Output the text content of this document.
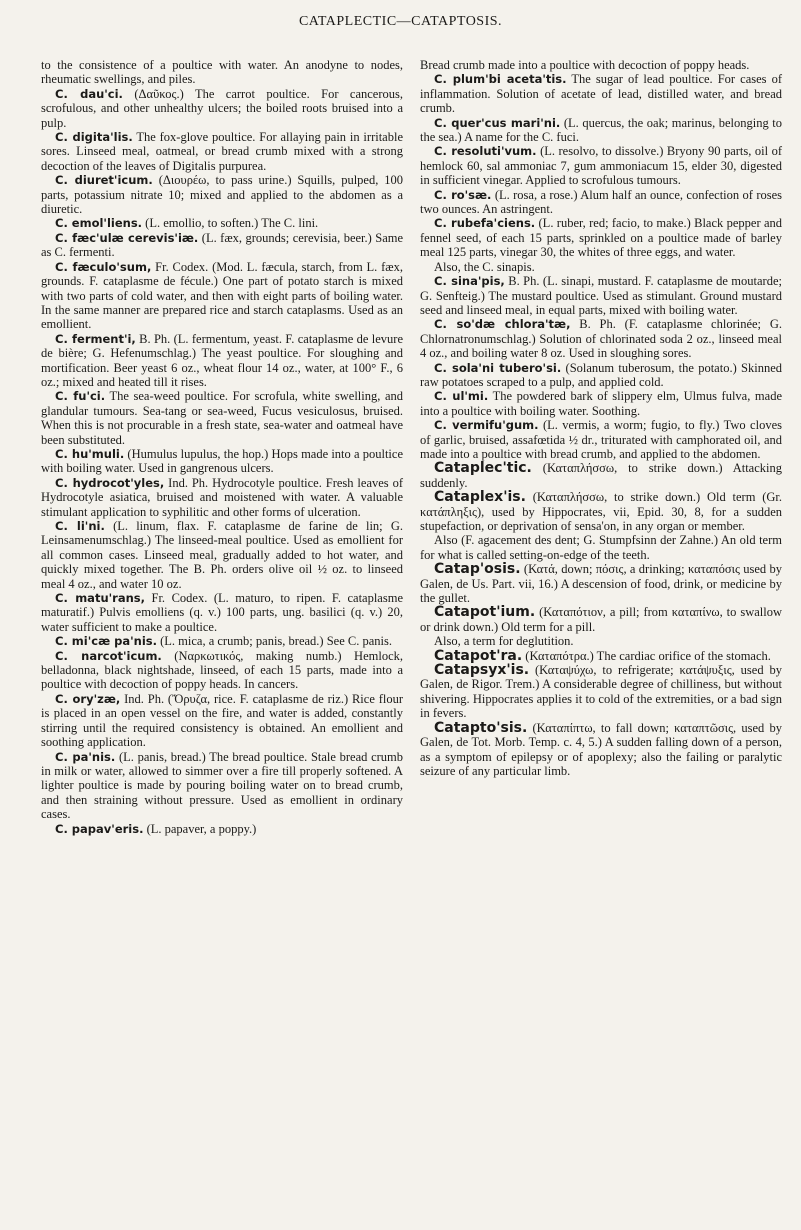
CATAPLECTIC—CATAPTOSIS.

to the consistence of a poultice with water. An anodyne to nodes, rheumatic swellings, and piles.

C. dau'ci. (Δαῦκος.) The carrot poultice. For cancerous, scrofulous, and other unhealthy ulcers; the boiled roots bruised into a pulp.

C. digita'lis. The fox-glove poultice. For allaying pain in irritable sores. Linseed meal, oatmeal, or bread crumb mixed with a strong decoction of the leaves of Digitalis purpurea.

C. diuret'icum. (Διουρέω, to pass urine.) Squills, pulped, 100 parts, potassium nitrate 10; mixed and applied to the abdomen as a diuretic.

C. emol'liens. (L. emollio, to soften.) The C. lini.

C. fæc'ulæ cerevis'iæ. (L. fæx, grounds; cerevisia, beer.) Same as C. fermenti.

C. fæculo'sum, Fr. Codex. (Mod. L. fæcula, starch, from L. fæx, grounds. F. cataplasme de fécule.) One part of potato starch is mixed with two parts of cold water, and then with eight parts of boiling water. In the same manner are prepared rice and starch cataplasms. Used as an emollient.

C. ferment'i, B. Ph. (L. fermentum, yeast. F. cataplasme de levure de bière; G. Hefenumschlag.) The yeast poultice. For sloughing and mortification. Beer yeast 6 oz., wheat flour 14 oz., water, at 100° F., 6 oz.; mixed and heated till it rises.

C. fu'ci. The sea-weed poultice. For scrofula, white swelling, and glandular tumours. Sea-tang or sea-weed, Fucus vesiculosus, bruised. When this is not procurable in a fresh state, sea-water and oatmeal have been substituted.

C. hu'muli. (Humulus lupulus, the hop.) Hops made into a poultice with boiling water. Used in gangrenous ulcers.

C. hydrocot'yles, Ind. Ph. Hydrocotyle poultice. Fresh leaves of Hydrocotyle asiatica, bruised and moistened with water. A valuable stimulant application to syphilitic and other forms of ulceration.

C. li'ni. (L. linum, flax. F. cataplasme de farine de lin; G. Leinsamenumschlag.) The linseed-meal poultice. Used as emollient for all common cases. Linseed meal, gradually added to hot water, and quickly mixed together. The B. Ph. orders olive oil ½ oz. to linseed meal 4 oz., and water 10 oz.

C. matu'rans, Fr. Codex. (L. maturo, to ripen. F. cataplasme maturatif.) Pulvis emolliens (q. v.) 100 parts, ung. basilici (q. v.) 20, water sufficient to make a poultice.

C. mi'cæ pa'nis. (L. mica, a crumb; panis, bread.) See C. panis.

C. narcot'icum. (Ναρκωτικός, making numb.) Hemlock, belladonna, black nightshade, linseed, of each 15 parts, made into a poultice with decoction of poppy heads. In cancers.

C. ory'zæ, Ind. Ph. (Ὄρυζα, rice. F. cataplasme de riz.) Rice flour is placed in an open vessel on the fire, and water is added, constantly stirring until the required consistency is obtained. An emollient and soothing application.

C. pa'nis. (L. panis, bread.) The bread poultice. Stale bread crumb in milk or water, allowed to simmer over a fire till properly softened. A lighter poultice is made by pouring boiling water on to bread crumb, and then straining without pressure. Used as emollient in ordinary cases.

C. papav'eris. (L. papaver, a poppy.)

Bread crumb made into a poultice with decoction of poppy heads.

C. plum'bi aceta'tis. The sugar of lead poultice. For cases of inflammation. Solution of acetate of lead, distilled water, and bread crumb.

C. quer'cus mari'ni. (L. quercus, the oak; marinus, belonging to the sea.) A name for the C. fuci.

C. resoluti'vum. (L. resolvo, to dissolve.) Bryony 90 parts, oil of hemlock 60, sal ammoniac 7, gum ammoniacum 15, elder 30, digested in sufficient vinegar. Applied to scrofulous tumours.

C. ro'sæ. (L. rosa, a rose.) Alum half an ounce, confection of roses two ounces. An astringent.

C. rubefa'ciens. (L. ruber, red; facio, to make.) Black pepper and fennel seed, of each 15 parts, sprinkled on a poultice made of barley meal 125 parts, vinegar 30, the whites of three eggs, and water.

Also, the C. sinapis.

C. sina'pis, B. Ph. (L. sinapi, mustard. F. cataplasme de moutarde; G. Senfteig.) The mustard poultice. Used as stimulant. Ground mustard seed and linseed meal, in equal parts, mixed with boiling water.

C. so'dæ chlora'tæ, B. Ph. (F. cataplasme chlorinée; G. Chlornatronumschlag.) Solution of chlorinated soda 2 oz., linseed meal 4 oz., and boiling water 8 oz. Used in sloughing sores.

C. sola'ni tubero'si. (Solanum tuberosum, the potato.) Skinned raw potatoes scraped to a pulp, and applied cold.

C. ul'mi. The powdered bark of slippery elm, Ulmus fulva, made into a poultice with boiling water. Soothing.

C. vermifu'gum. (L. vermis, a worm; fugio, to fly.) Two cloves of garlic, bruised, assafœtida ½ dr., triturated with camphorated oil, and made into a poultice with bread crumb, and applied to the abdomen.

Cataplec'tic. (Καταπλήσσω, to strike down.) Attacking suddenly.

Cataplex'is. (Καταπλήσσω, to strike down.) Old term (Gr. κατάπληξις), used by Hippocrates, vii, Epid. 30, 8, for a sudden stupefaction, or deprivation of sensa'on, in any organ or member.

Also (F. agacement des dent; G. Stumpfsinn der Zahne.) An old term for what is called setting-on-edge of the teeth.

Catap'osis. (Κατά, down; πόσις, a drinking; καταπόσις used by Galen, de Us. Part. vii, 16.) A descension of food, drink, or medicine by the gullet.

Catapot'ium. (Καταπότιον, a pill; from καταπίνω, to swallow or drink down.) Old term for a pill.

Also, a term for deglutition.

Catapot'ra. (Καταπότρα.) The cardiac orifice of the stomach.

Catapsyx'is. (Καταψύχω, to refrigerate; κατάψυξις, used by Galen, de Rigor. Trem.) A considerable degree of chilliness, but without shivering. Hippocrates applies it to cold of the extremities, or a bad sign in fevers.

Catapto'sis. (Καταπίπτω, to fall down; καταπτῶσις, used by Galen, de Tot. Morb. Temp. c. 4, 5.) A sudden falling down of a person, as a symptom of epilepsy or of apoplexy; also the failing or paralytic seizure of any particular limb.
